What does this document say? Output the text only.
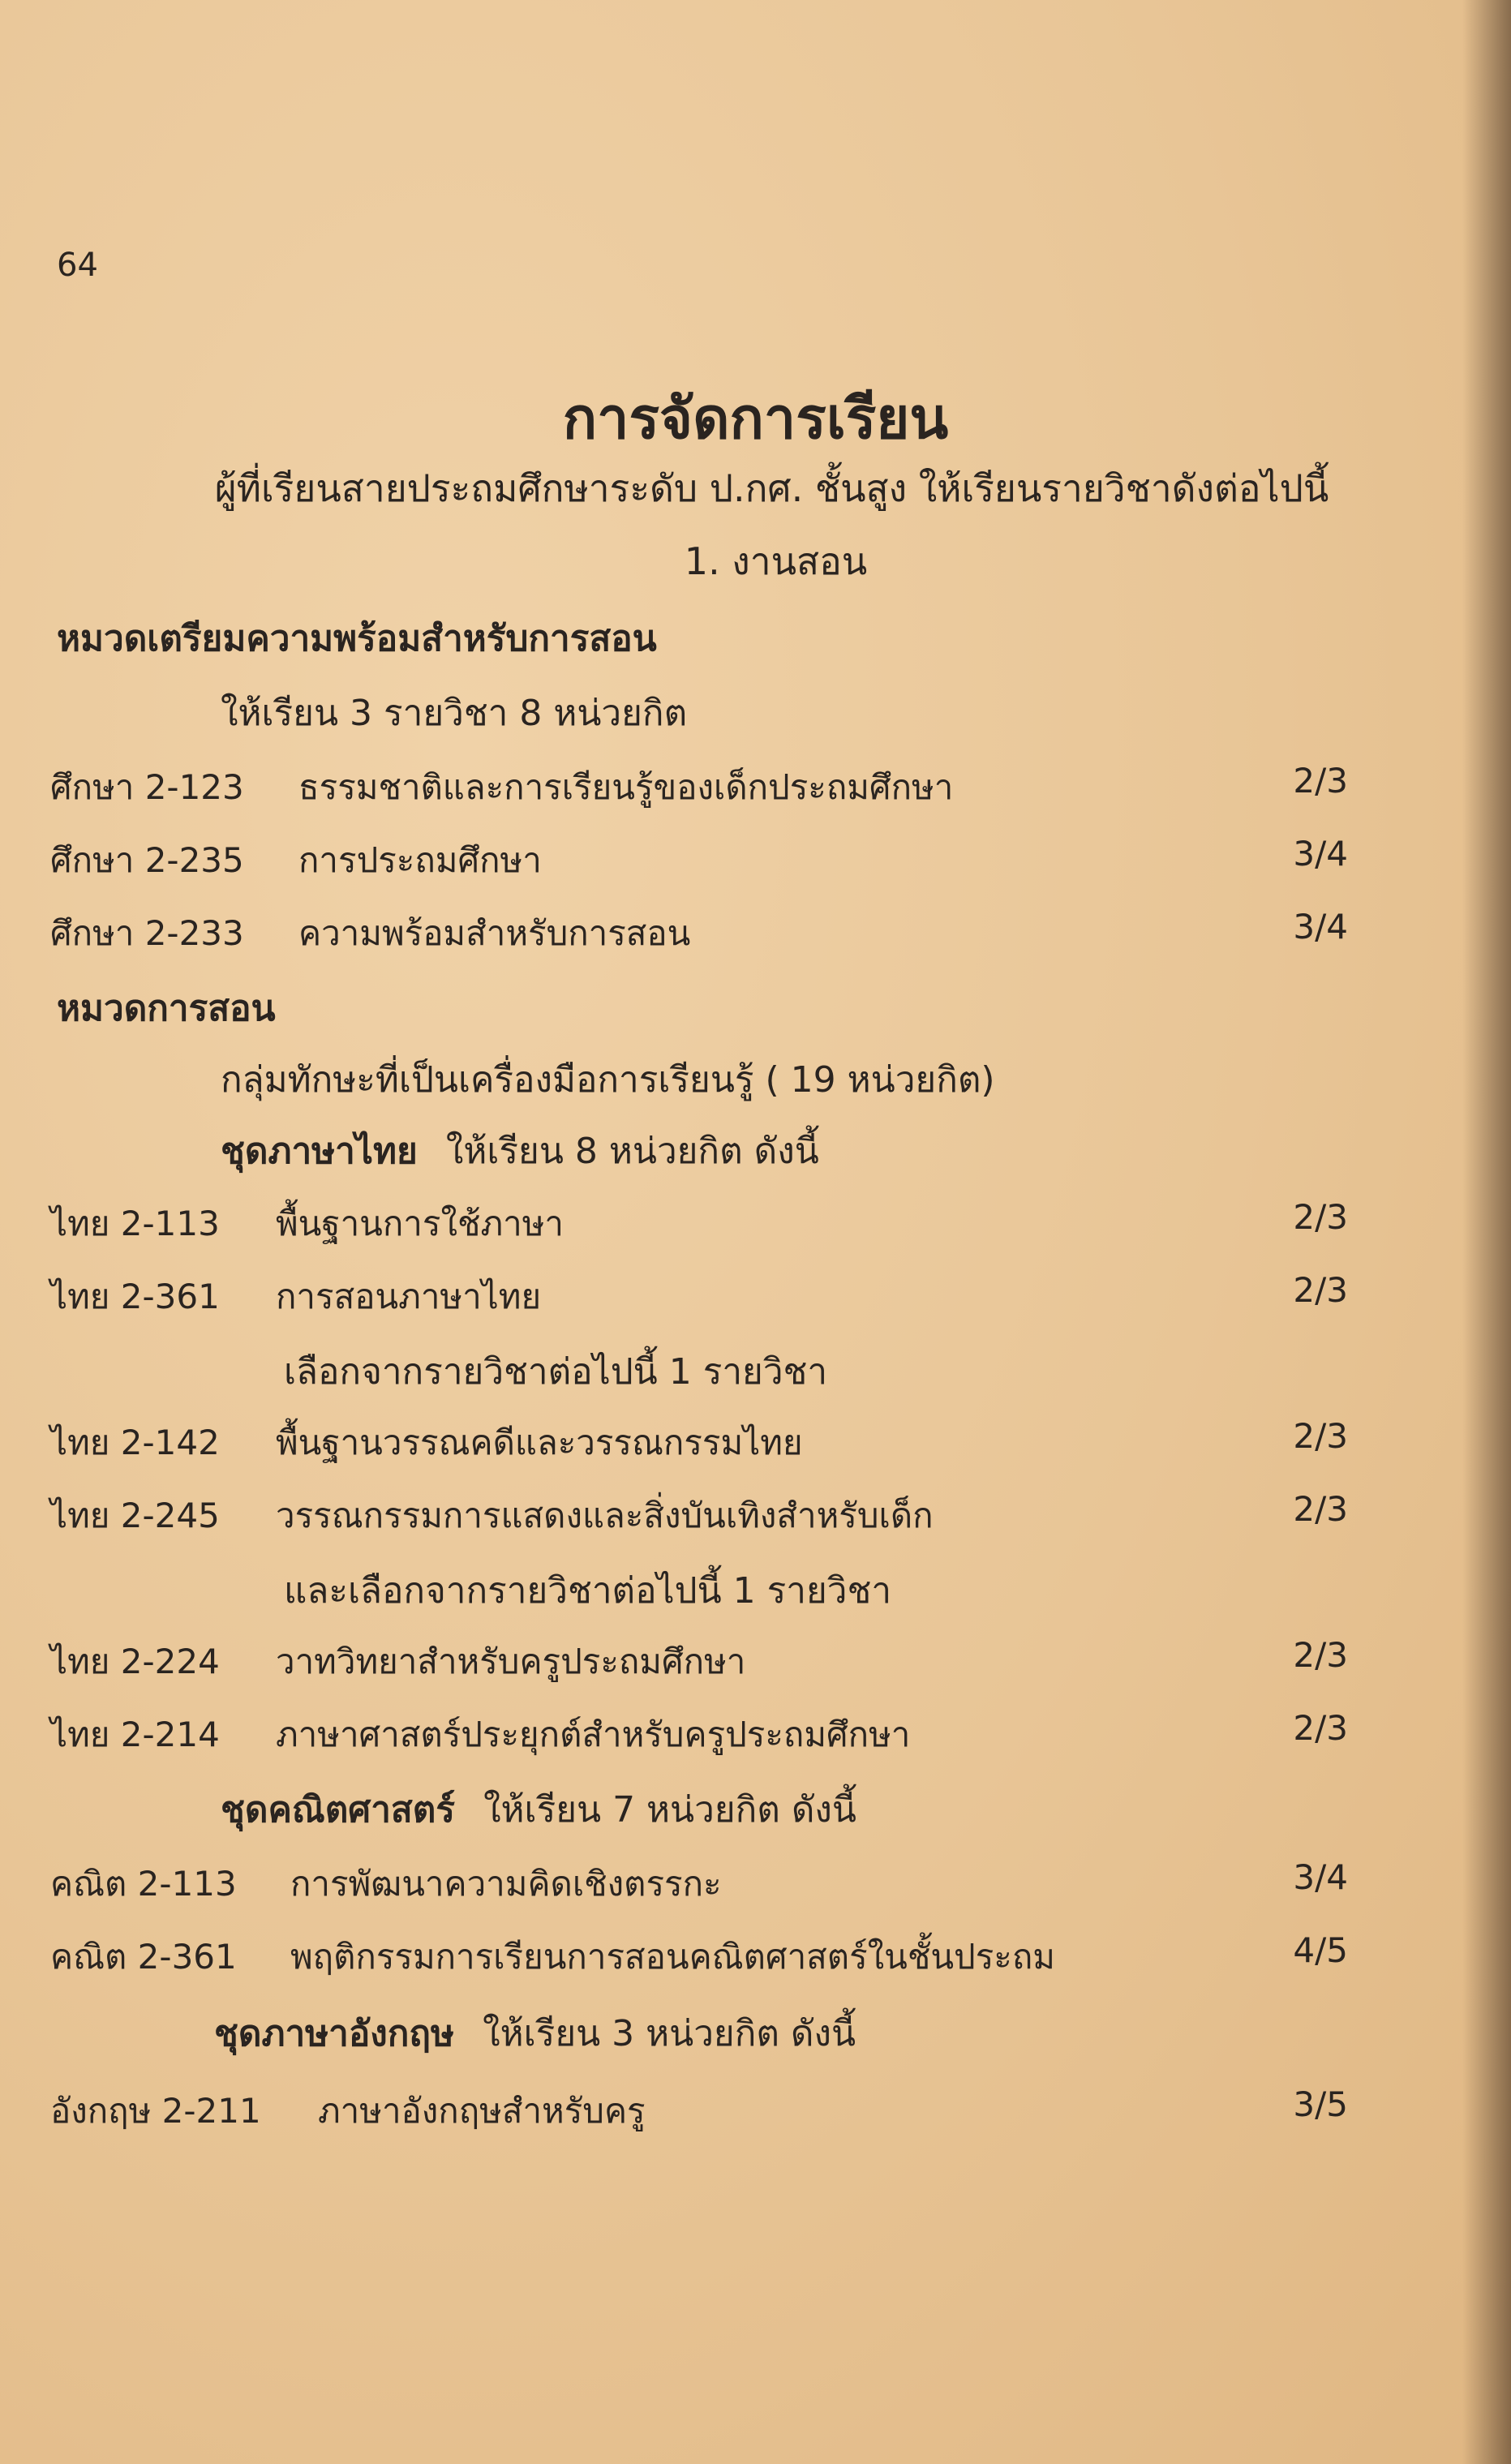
64
การจัดการเรียน
ผู้ที่เรียนสายประถมศึกษาระดับ ป.กศ. ชั้นสูง ให้เรียนรายวิชาดังต่อไปนี้
1. งานสอน
หมวดเตรียมความพร้อมสำหรับการสอน
ให้เรียน 3 รายวิชา 8 หน่วยกิต
ศึกษา 2-123 ธรรมชาติและการเรียนรู้ของเด็กประถมศึกษา	2/3
ศึกษา 2-235 การประถมศึกษา	3/4
ศึกษา 2-233 ความพร้อมสำหรับการสอน	3/4
หมวดการสอน
กลุ่มทักษะที่เป็นเครื่องมือการเรียนรู้ ( 19 หน่วยกิต)
ชุดภาษาไทย ให้เรียน 8 หน่วยกิต ดังนี้
ไทย 2-113 พื้นฐานการใช้ภาษา	2/3
ไทย 2-361 การสอนภาษาไทย	2/3
เลือกจากรายวิชาต่อไปนี้ 1 รายวิชา
ไทย 2-142 พื้นฐานวรรณคดีและวรรณกรรมไทย	2/3
ไทย 2-245 วรรณกรรมการแสดงและสิ่งบันเทิงสำหรับเด็ก	2/3
และเลือกจากรายวิชาต่อไปนี้ 1 รายวิชา
ไทย 2-224 วาทวิทยาสำหรับครูประถมศึกษา	2/3
ไทย 2-214 ภาษาศาสตร์ประยุกต์สำหรับครูประถมศึกษา	2/3
ชุดคณิตศาสตร์ ให้เรียน 7 หน่วยกิต ดังนี้
คณิต 2-113 การพัฒนาความคิดเชิงตรรกะ	3/4
คณิต 2-361 พฤติกรรมการเรียนการสอนคณิตศาสตร์ในชั้นประถม	4/5
ชุดภาษาอังกฤษ ให้เรียน 3 หน่วยกิต ดังนี้
อังกฤษ 2-211 ภาษาอังกฤษสำหรับครู	3/5
